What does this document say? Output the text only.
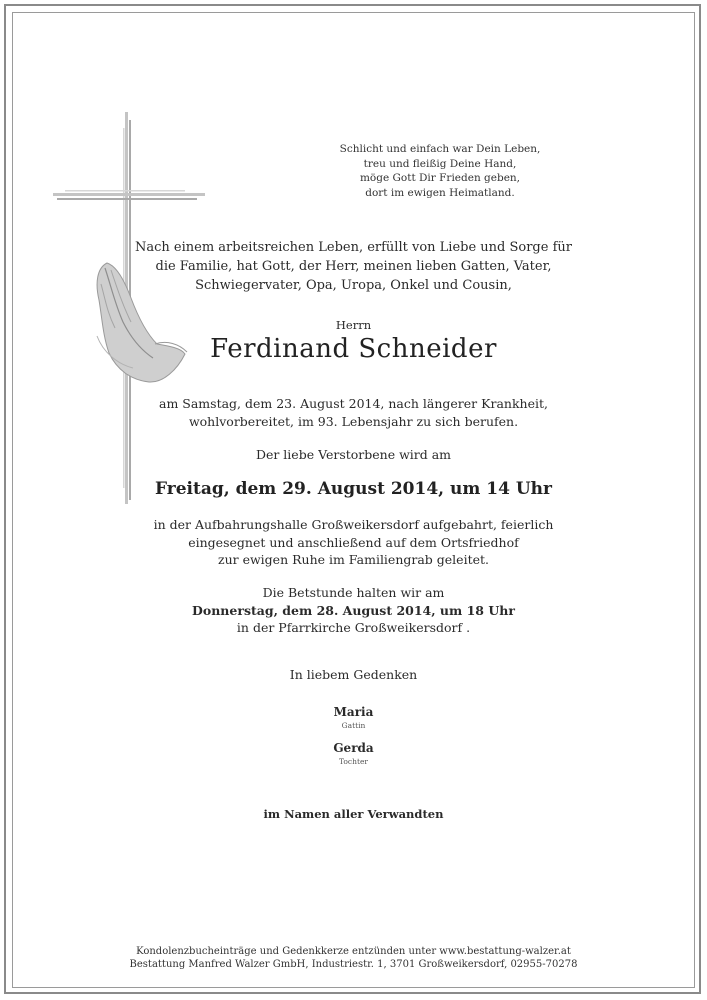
Schlicht und einfach war Dein Leben,
treu und fleißig Deine Hand,
möge Gott Dir Frieden geben,
dort im ewigen Heimatland.
Nach einem arbeitsreichen Leben, erfüllt von Liebe und Sorge für
die Familie, hat Gott, der Herr, meinen lieben Gatten, Vater,
Schwiegervater, Opa, Uropa, Onkel und Cousin,
Herrn
Ferdinand Schneider
am Samstag, dem 23. August 2014, nach längerer Krankheit,
wohlvorbereitet, im 93. Lebensjahr zu sich berufen.
Der liebe Verstorbene wird am
Freitag, dem 29. August 2014, um 14 Uhr
in der Aufbahrungshalle Großweikersdorf aufgebahrt, feierlich
eingesegnet und anschließend auf dem Ortsfriedhof
zur ewigen Ruhe im Familiengrab geleitet.
Die Betstunde halten wir am
Donnerstag, dem 28. August 2014, um 18 Uhr
in der Pfarrkirche Großweikersdorf .
In liebem Gedenken
Maria
Gattin
Gerda
Tochter
im Namen aller Verwandten
Kondolenzbucheinträge und Gedenkkerze entzünden unter www.bestattung-walzer.at
Bestattung Manfred Walzer GmbH, Industriestr. 1, 3701 Großweikersdorf, 02955-70278
